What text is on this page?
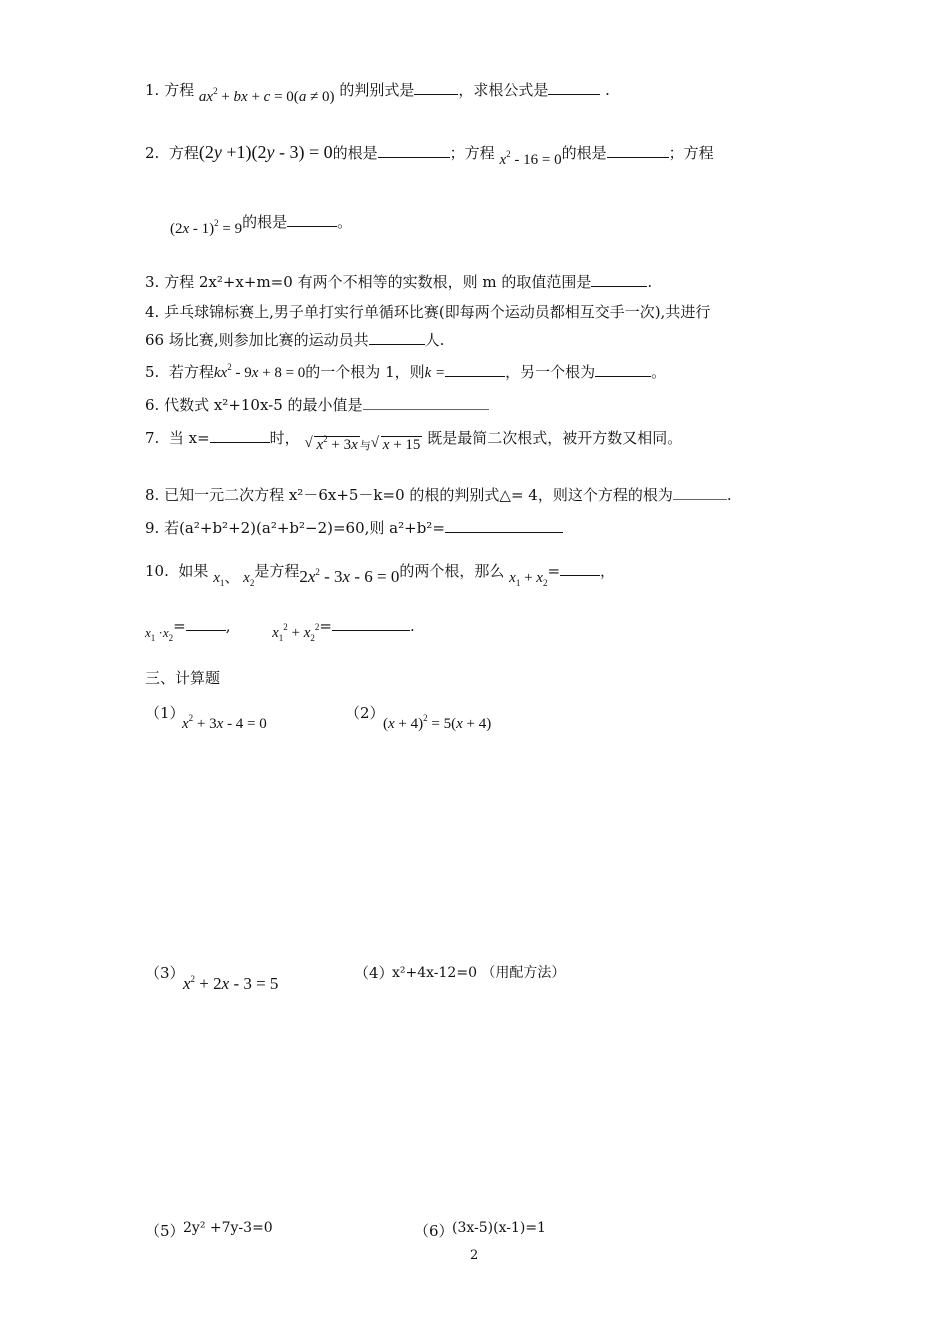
1. 方程 $ax^2$ + bx + c = 0(a ≠ 0) 的判别式是	，求根公式是	.
2. 方程(2y +1)(2y - 3) = 0的根是	；方程 $x^2 - 16 = 0$的根是	；方程
(2x - 1)$^2$ = 9的根是	。
3. 方程 2x²+x+m=0 有两个不相等的实数根，则 m 的取值范围是	.
4. 乒乓球锦标赛上,男子单打实行单循环比赛(即每两个运动员都相互交手一次),共进行
66 场比赛,则参加比赛的运动员共	人.
5. 若方程$kx^2 - 9x + 8 = 0$的一个根为 1，则k =	，另一个根为	。
6. 代数式 x²+10x-5 的最小值是
7. 当 x=	时， √ $x^2 + 3x$ $_与$ √ x + 15 既是最简二次根式，被开方数又相同。
8. 已知一元二次方程 x²－6x+5－k=0 的根的判别式△= 4，则这个方程的根为	.
9. 若(a²+b²+2)(a²+b²−2)=60,则 a²+b²=
10. 如果 $x_1$、 $x_2$是方程$2x^2 - 3x - 6 = 0$的两个根，那么 $x_1 + x_2=$	，
$x_1 \cdot x_2=$	,  $x_1^2 + x_2^2=$	.
三、计算题
（1）
$x^2 + 3x - 4 = 0$
（2）
$(x + 4)^2 = 5(x + 4)$
（3）
$x^2 + 2x - 3 = 5$
（4）
x²+4x-12=0 （用配方法）
（5）
2y² +7y-3=0	（6）
(3x-5)(x-1)=1
2
